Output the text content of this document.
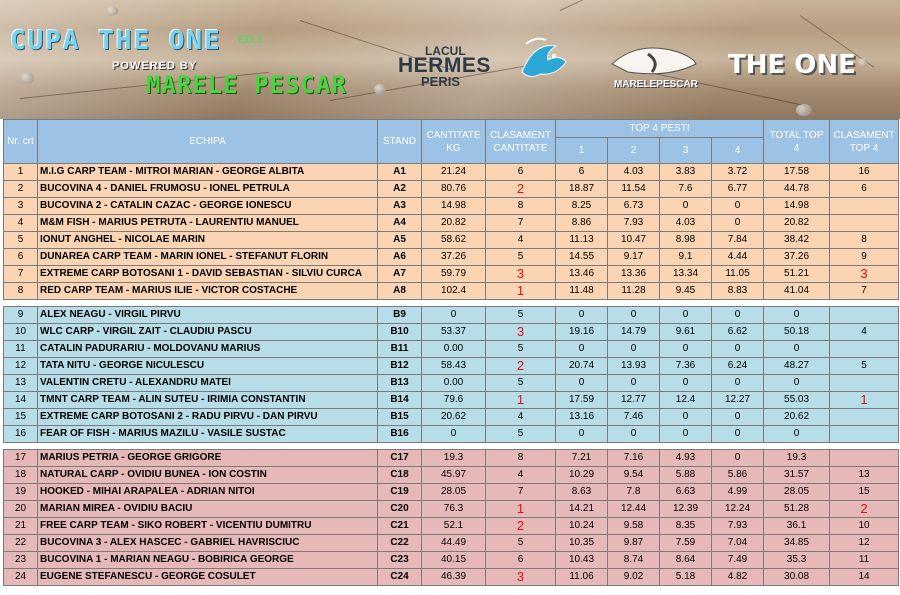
CUPA THE ONE ED.2
POWERED BY
MARELE PESCAR
LACUL
HERMES
PERIS	MARELEPESCAR
THE ONE
Nr. crt	ECHIPA	STAND	CANTITATE KG	CLASAMENT CANTITATE	TOP 4 PESTI				TOTAL TOP 4	CLASAMENT TOP 4
					1	2	3	4		
1	M.I.G CARP TEAM - MITROI MARIAN - GEORGE ALBITA	A1	21.24	6	6	4.03	3.83	3.72	17.58	16
2	BUCOVINA 4 - DANIEL FRUMOSU - IONEL PETRULA	A2	80.76	2	18.87	11.54	7.6	6.77	44.78	6
3	BUCOVINA 2 - CATALIN CAZAC - GEORGE IONESCU	A3	14.98	8	8.25	6.73	0	0	14.98	
4	M&M FISH - MARIUS PETRUTA - LAURENTIU MANUEL	A4	20.82	7	8.86	7.93	4.03	0	20.82	
5	IONUT ANGHEL - NICOLAE MARIN	A5	58.62	4	11.13	10.47	8.98	7.84	38.42	8
6	DUNAREA CARP TEAM - MARIN IONEL - STEFANUT FLORIN	A6	37.26	5	14.55	9.17	9.1	4.44	37.26	9
7	EXTREME CARP BOTOSANI 1 - DAVID SEBASTIAN - SILVIU CURCA	A7	59.79	3	13.46	13.36	13.34	11.05	51.21	3
8	RED CARP TEAM - MARIUS ILIE - VICTOR COSTACHE	A8	102.4	1	11.48	11.28	9.45	8.83	41.04	7

9	ALEX NEAGU - VIRGIL PIRVU	B9	0	5	0	0	0	0	0	
10	WLC CARP - VIRGIL ZAIT - CLAUDIU PASCU	B10	53.37	3	19.16	14.79	9.61	6.62	50.18	4
11	CATALIN PADURARIU - MOLDOVANU MARIUS	B11	0.00	5	0	0	0	0	0	
12	TATA NITU - GEORGE NICULESCU	B12	58.43	2	20.74	13.93	7.36	6.24	48.27	5
13	VALENTIN CRETU - ALEXANDRU MATEI	B13	0.00	5	0	0	0	0	0	
14	TMNT CARP TEAM - ALIN SUTEU - IRIMIA CONSTANTIN	B14	79.6	1	17.59	12.77	12.4	12.27	55.03	1
15	EXTREME CARP BOTOSANI 2 - RADU PIRVU - DAN PIRVU	B15	20.62	4	13.16	7.46	0	0	20.62	
16	FEAR OF FISH - MARIUS MAZILU - VASILE SUSTAC	B16	0	5	0	0	0	0	0	

17	MARIUS PETRIA - GEORGE GRIGORE	C17	19.3	8	7.21	7.16	4.93	0	19.3	
18	NATURAL CARP - OVIDIU BUNEA - ION COSTIN	C18	45.97	4	10.29	9.54	5.88	5.86	31.57	13
19	HOOKED - MIHAI ARAPALEA - ADRIAN NITOI	C19	28.05	7	8.63	7.8	6.63	4.99	28.05	15
20	MARIAN MIREA - OVIDIU BACIU	C20	76.3	1	14.21	12.44	12.39	12.24	51.28	2
21	FREE CARP TEAM - SIKO ROBERT - VICENTIU DUMITRU	C21	52.1	2	10.24	9.58	8.35	7.93	36.1	10
22	BUCOVINA 3 - ALEX HASCEC - GABRIEL HAVRISCIUC	C22	44.49	5	10.35	9.87	7.59	7.04	34.85	12
23	BUCOVINA 1 - MARIAN NEAGU - BOBIRICA GEORGE	C23	40.15	6	10.43	8.74	8.64	7.49	35.3	11
24	EUGENE STEFANESCU - GEORGE COSULET	C24	46.39	3	11.06	9.02	5.18	4.82	30.08	14
